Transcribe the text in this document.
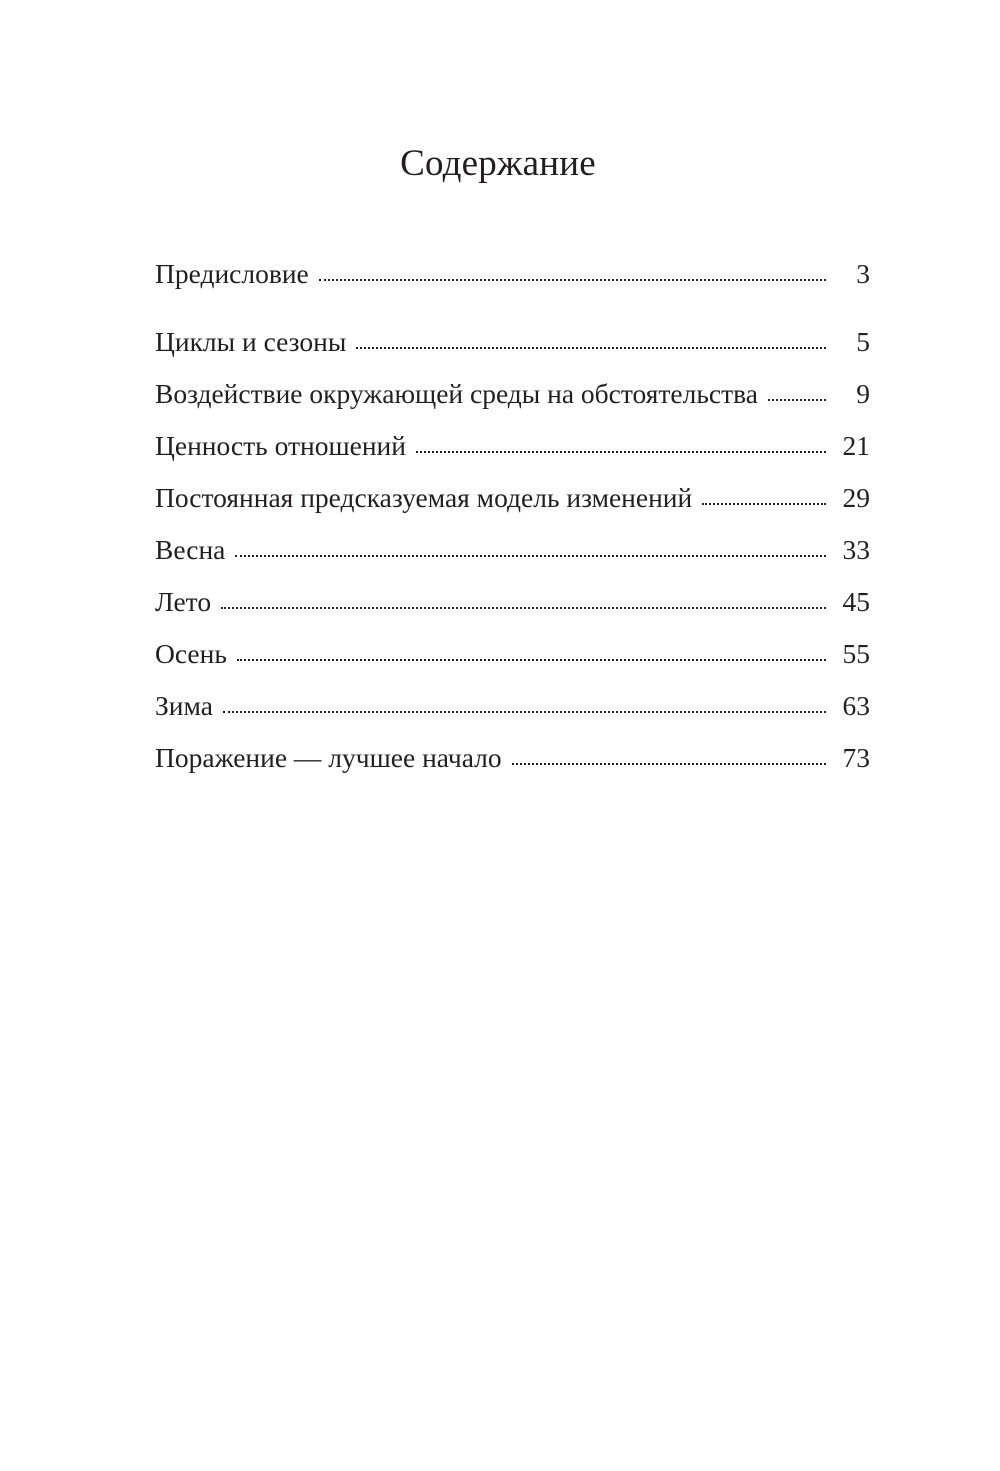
Содержание
Предисловие	3
Циклы и сезоны	5
Воздействие окружающей среды на обстоятельства	9
Ценность отношений	21
Постоянная предсказуемая модель изменений	29
Весна	33
Лето	45
Осень	55
Зима	63
Поражение — лучшее начало	73
